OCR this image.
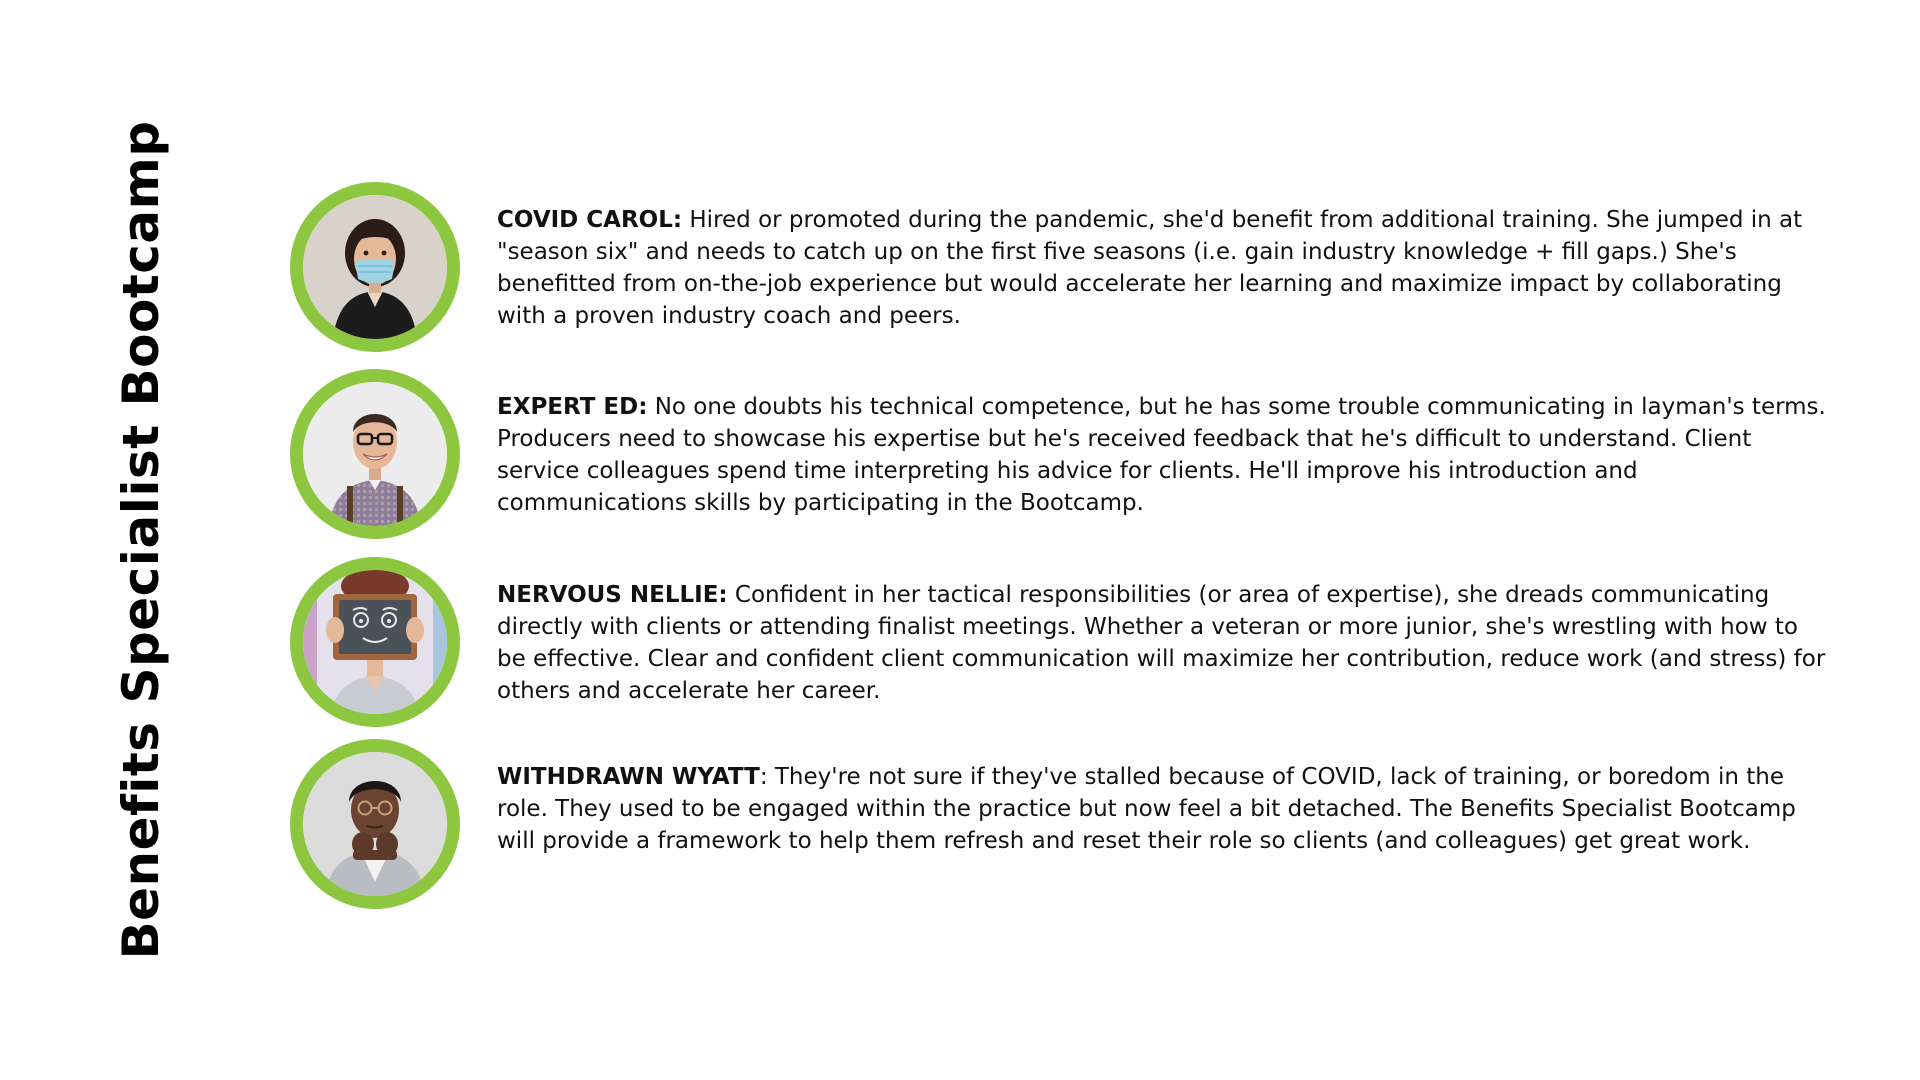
Benefits Specialist Bootcamp	COVID CAROL: Hired or promoted during the pandemic, she'd benefit from additional training. She jumped in at "season six" and needs to catch up on the first five seasons (i.e. gain industry knowledge + fill gaps.) She's benefitted from on-the-job experience but would accelerate her learning and maximize impact by collaborating with a proven industry coach and peers.

EXPERT ED: No one doubts his technical competence, but he has some trouble communicating in layman's terms. Producers need to showcase his expertise but he's received feedback that he's difficult to understand. Client service colleagues spend time interpreting his advice for clients. He'll improve his introduction and communications skills by participating in the Bootcamp.

NERVOUS NELLIE: Confident in her tactical responsibilities (or area of expertise), she dreads communicating directly with clients or attending finalist meetings. Whether a veteran or more junior, she's wrestling with how to be effective. Clear and confident client communication will maximize her contribution, reduce work (and stress) for others and accelerate her career.

WITHDRAWN WYATT: They're not sure if they've stalled because of COVID, lack of training, or boredom in the role. They used to be engaged within the practice but now feel a bit detached. The Benefits Specialist Bootcamp will provide a framework to help them refresh and reset their role so clients (and colleagues) get great work.
